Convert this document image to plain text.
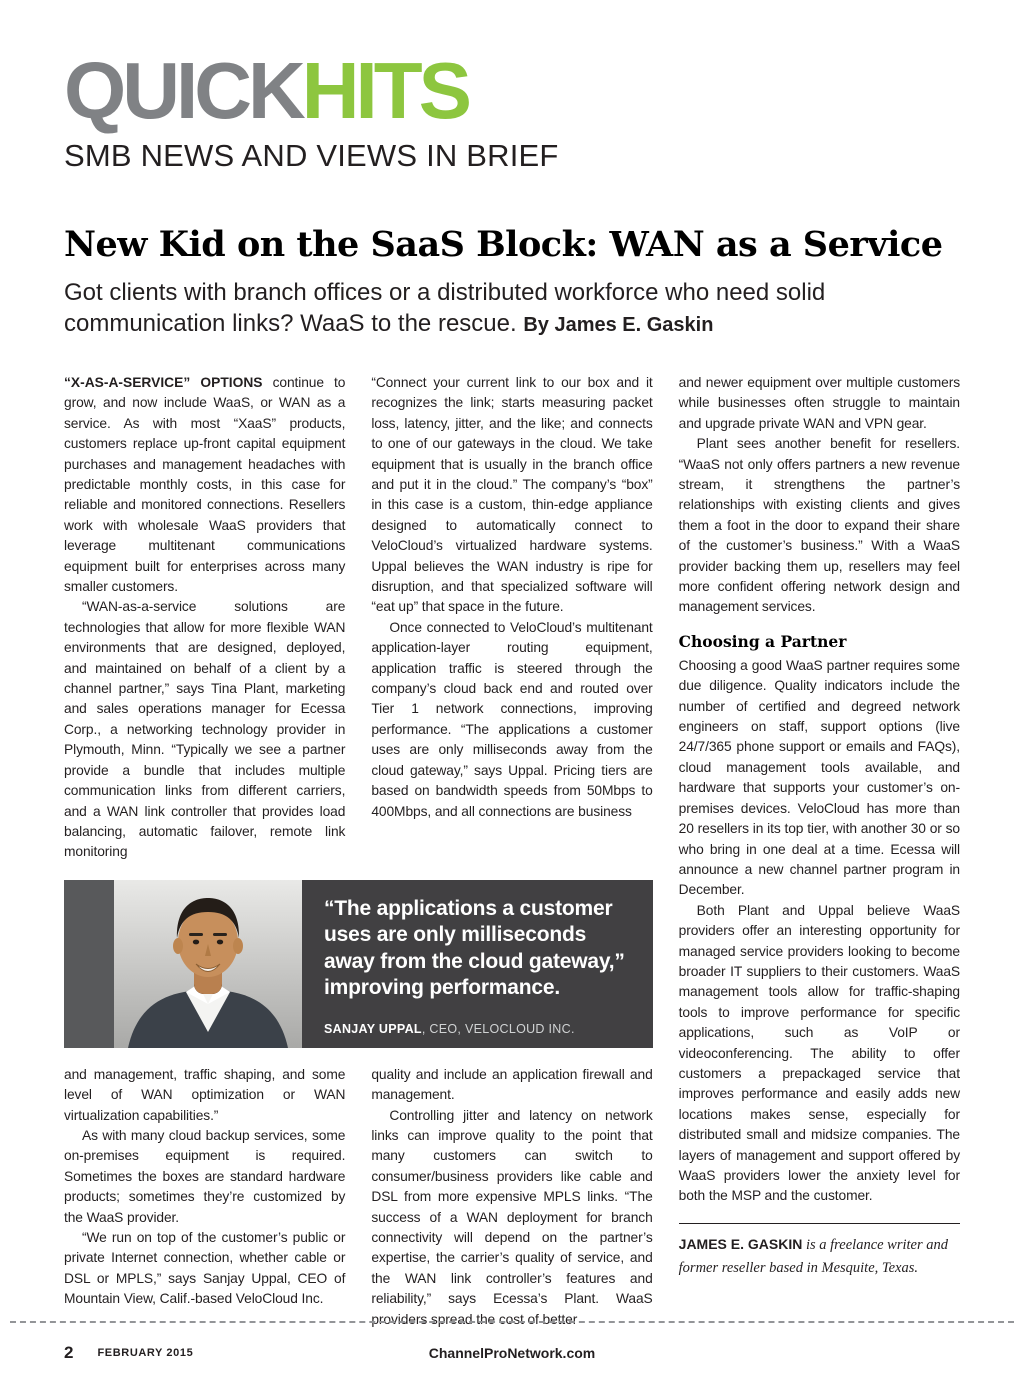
QUICKHITS
SMB NEWS AND VIEWS IN BRIEF
New Kid on the SaaS Block: WAN as a Service
Got clients with branch offices or a distributed workforce who need solid communication links? WaaS to the rescue. By James E. Gaskin

“X-AS-A-SERVICE” OPTIONS continue to grow, and now include WaaS, or WAN as a service. As with most “XaaS” products, customers replace up-front capital equipment purchases and management headaches with predictable monthly costs, in this case for reliable and monitored connections. Resellers work with wholesale WaaS providers that leverage multitenant communications equipment built for enterprises across many smaller customers.

“WAN-as-a-service solutions are technologies that allow for more flexible WAN environments that are designed, deployed, and maintained on behalf of a client by a channel partner,” says Tina Plant, marketing and sales operations manager for Ecessa Corp., a networking technology provider in Plymouth, Minn. “Typically we see a partner provide a bundle that includes multiple communication links from different carriers, and a WAN link controller that provides load balancing, automatic failover, remote link monitoring

“Connect your current link to our box and it recognizes the link; starts measuring packet loss, latency, jitter, and the like; and connects to one of our gateways in the cloud. We take equipment that is usually in the branch office and put it in the cloud.” The company’s “box” in this case is a custom, thin-edge appliance designed to automatically connect to VeloCloud’s virtualized hardware systems. Uppal believes the WAN industry is ripe for disruption, and that specialized software will “eat up” that space in the future.

Once connected to VeloCloud’s multitenant application-layer routing equipment, application traffic is steered through the company’s cloud back end and routed over Tier 1 network connections, improving performance. “The applications a customer uses are only milliseconds away from the cloud gateway,” says Uppal. Pricing tiers are based on bandwidth speeds from 50Mbps to 400Mbps, and all connections are business

“The applications a customer uses are only milliseconds away from the cloud gateway,” improving performance.
SANJAY UPPAL, CEO, VELOCLOUD INC.

and management, traffic shaping, and some level of WAN optimization or WAN virtualization capabilities.”

As with many cloud backup services, some on-premises equipment is required. Sometimes the boxes are standard hardware products; sometimes they’re customized by the WaaS provider.

“We run on top of the customer’s public or private Internet connection, whether cable or DSL or MPLS,” says Sanjay Uppal, CEO of Mountain View, Calif.-based VeloCloud Inc.

quality and include an application firewall and management.

Controlling jitter and latency on network links can improve quality to the point that many customers can switch to consumer/business providers like cable and DSL from more expensive MPLS links. “The success of a WAN deployment for branch connectivity will depend on the partner’s expertise, the carrier’s quality of service, and the WAN link controller’s features and reliability,” says Ecessa’s Plant. WaaS providers spread the cost of better

and newer equipment over multiple customers while businesses often struggle to maintain and upgrade private WAN and VPN gear.

Plant sees another benefit for resellers. “WaaS not only offers partners a new revenue stream, it strengthens the partner’s relationships with existing clients and gives them a foot in the door to expand their share of the customer’s business.” With a WaaS provider backing them up, resellers may feel more confident offering network design and management services.

Choosing a Partner

Choosing a good WaaS partner requires some due diligence. Quality indicators include the number of certified and degreed network engineers on staff, support options (live 24/7/365 phone support or emails and FAQs), cloud management tools available, and hardware that supports your customer’s on-premises devices. VeloCloud has more than 20 resellers in its top tier, with another 30 or so who bring in one deal at a time. Ecessa will announce a new channel partner program in December.

Both Plant and Uppal believe WaaS providers offer an interesting opportunity for managed service providers looking to become broader IT suppliers to their customers. WaaS management tools allow for traffic-shaping tools to improve performance for specific applications, such as VoIP or videoconferencing. The ability to offer customers a prepackaged service that improves performance and easily adds new locations makes sense, especially for distributed small and midsize companies. The layers of management and support offered by WaaS providers lower the anxiety level for both the MSP and the customer.

JAMES E. GASKIN is a freelance writer and former reseller based in Mesquite, Texas.
2 FEBRUARY 2015	ChannelProNetwork.com
